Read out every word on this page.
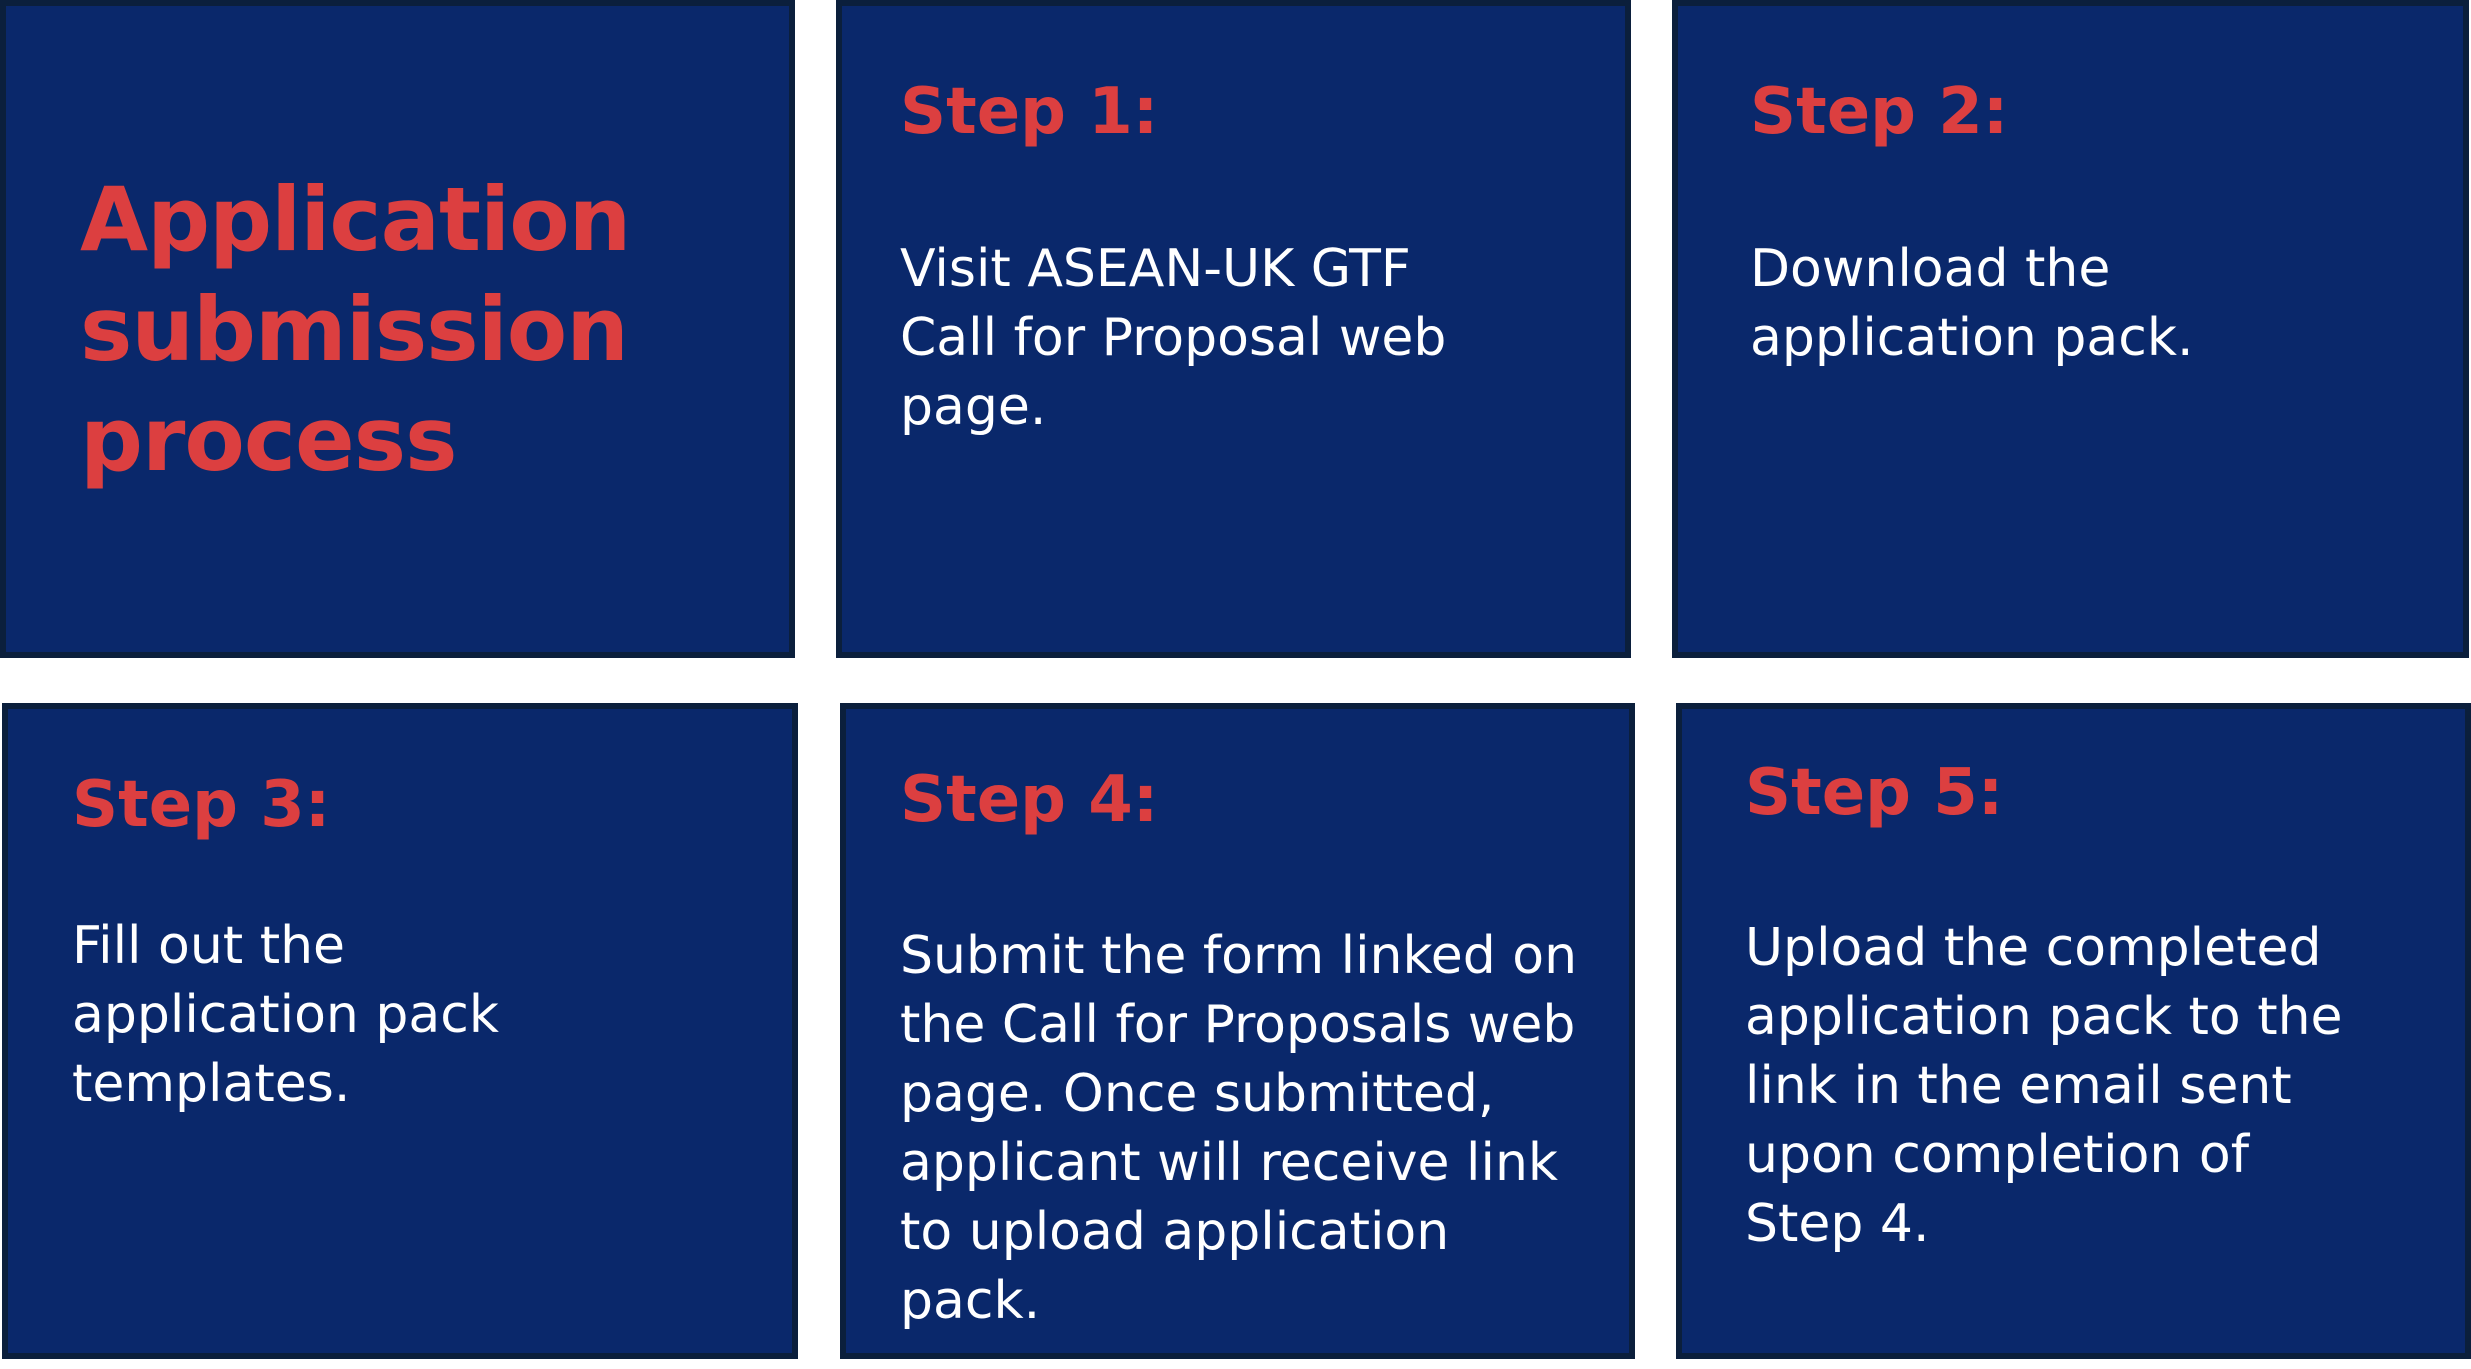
Application
submission
process
Step 1:

Visit ASEAN-UK GTF
Call for Proposal web
page.

Step 2:

Download the
application pack.

Step 3:

Fill out the
application pack
templates.

Step 4:

Submit the form linked on
the Call for Proposals web
page. Once submitted,
applicant will receive link
to upload application
pack.

Step 5:

Upload the completed
application pack to the
link in the email sent
upon completion of
Step 4.
